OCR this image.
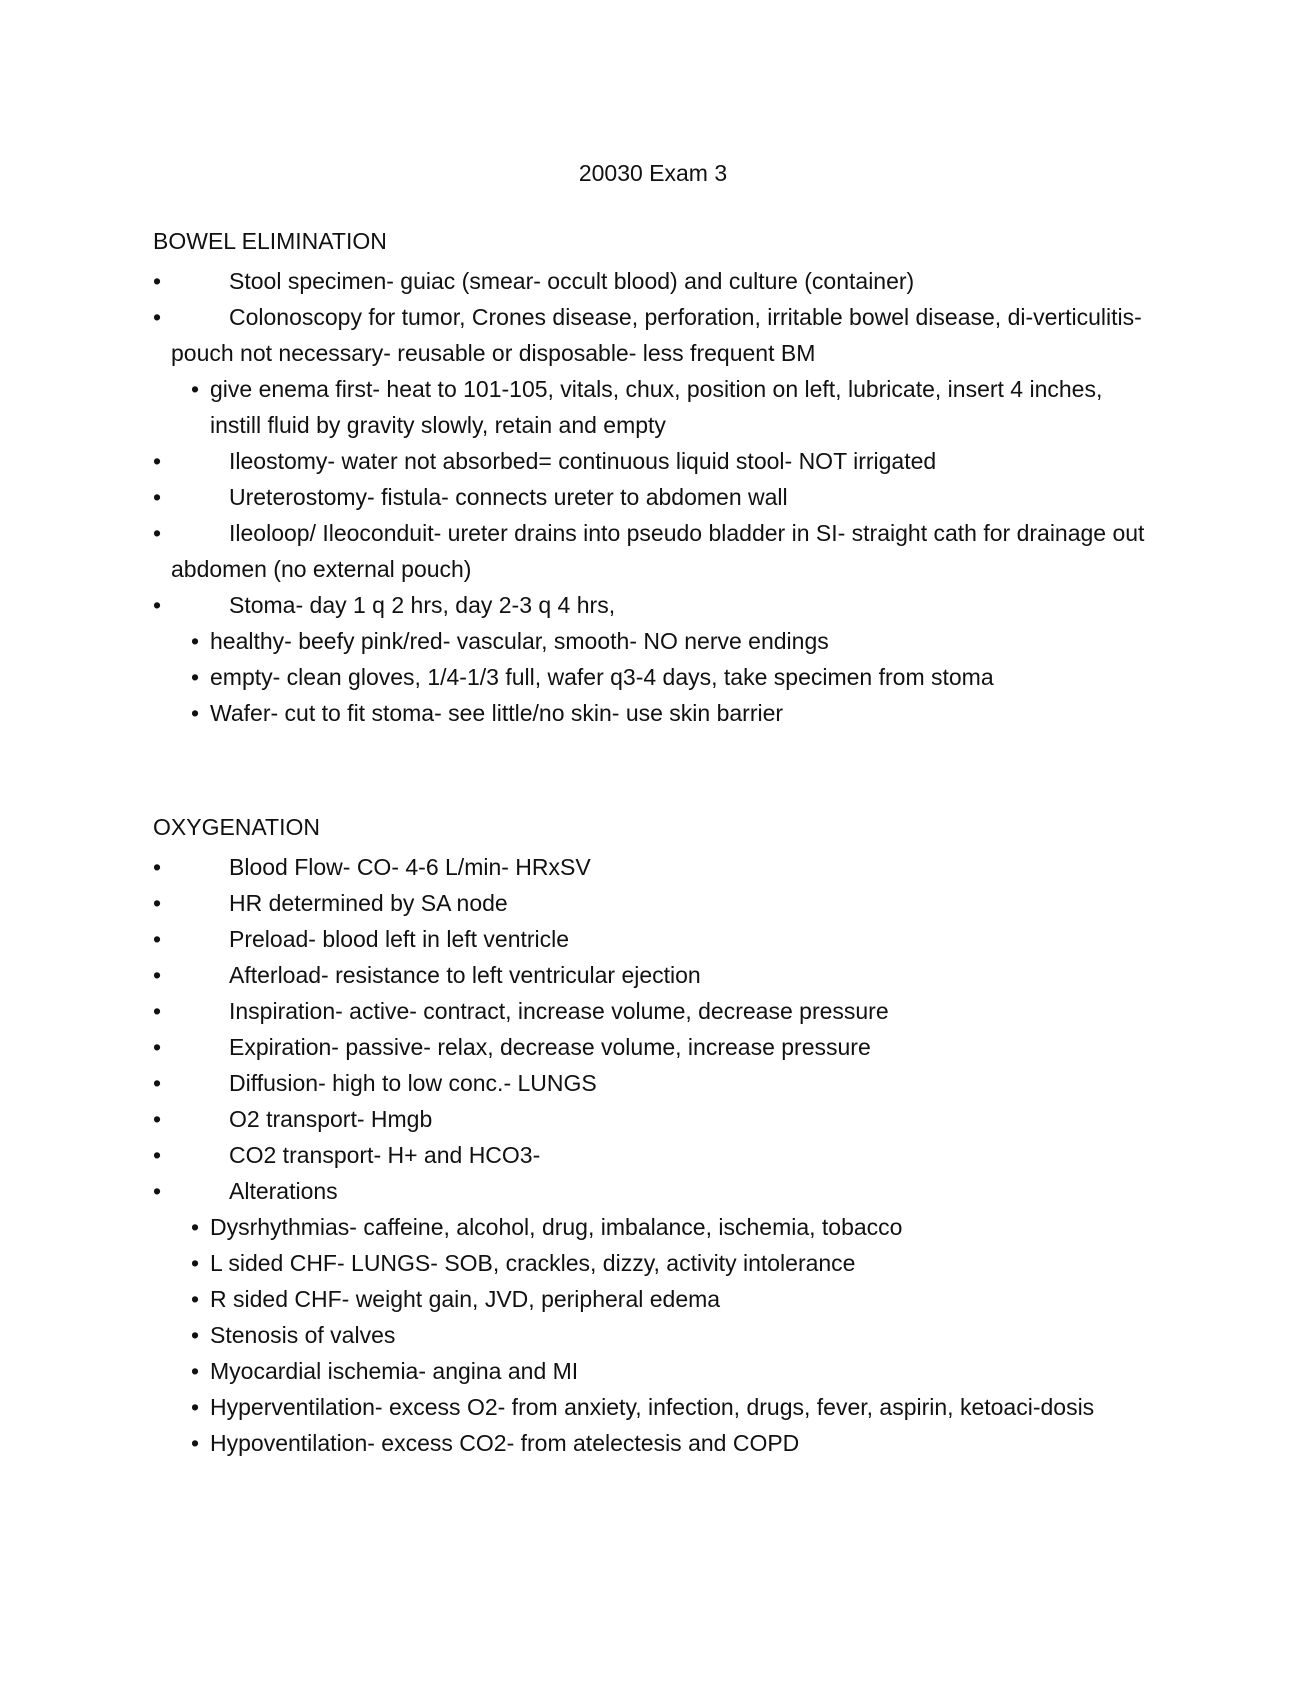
20030 Exam 3
BOWEL ELIMINATION
•	Stool specimen- guiac (smear- occult blood) and culture (container)
•	Colonoscopy for tumor, Crones disease, perforation, irritable bowel disease, di-verticulitis- pouch not necessary- reusable or disposable- less frequent BM
• give enema first- heat to 101-105, vitals, chux, position on left, lubricate, insert 4 inches, instill fluid by gravity slowly, retain and empty
•	Ileostomy- water not absorbed= continuous liquid stool- NOT irrigated
•	Ureterostomy- fistula- connects ureter to abdomen wall
•	Ileoloop/ Ileoconduit- ureter drains into pseudo bladder in SI- straight cath for drainage out abdomen (no external pouch)
•	Stoma- day 1 q 2 hrs, day 2-3 q 4 hrs,
• healthy- beefy pink/red- vascular, smooth- NO nerve endings
• empty- clean gloves, 1/4-1/3 full, wafer q3-4 days, take specimen from stoma
• Wafer- cut to fit stoma- see little/no skin- use skin barrier
OXYGENATION
•	Blood Flow- CO- 4-6 L/min- HRxSV
•	HR determined by SA node
•	Preload- blood left in left ventricle
•	Afterload- resistance to left ventricular ejection
•	Inspiration- active- contract, increase volume, decrease pressure
•	Expiration- passive- relax, decrease volume, increase pressure
•	Diffusion- high to low conc.- LUNGS
•	O2 transport- Hmgb
•	CO2 transport- H+ and HCO3-
•	Alterations
• Dysrhythmias- caffeine, alcohol, drug, imbalance, ischemia, tobacco
• L sided CHF- LUNGS- SOB, crackles, dizzy, activity intolerance
• R sided CHF- weight gain, JVD, peripheral edema
• Stenosis of valves
• Myocardial ischemia- angina and MI
• Hyperventilation- excess O2- from anxiety, infection, drugs, fever, aspirin, ketoaci-dosis
• Hypoventilation- excess CO2- from atelectesis and COPD
